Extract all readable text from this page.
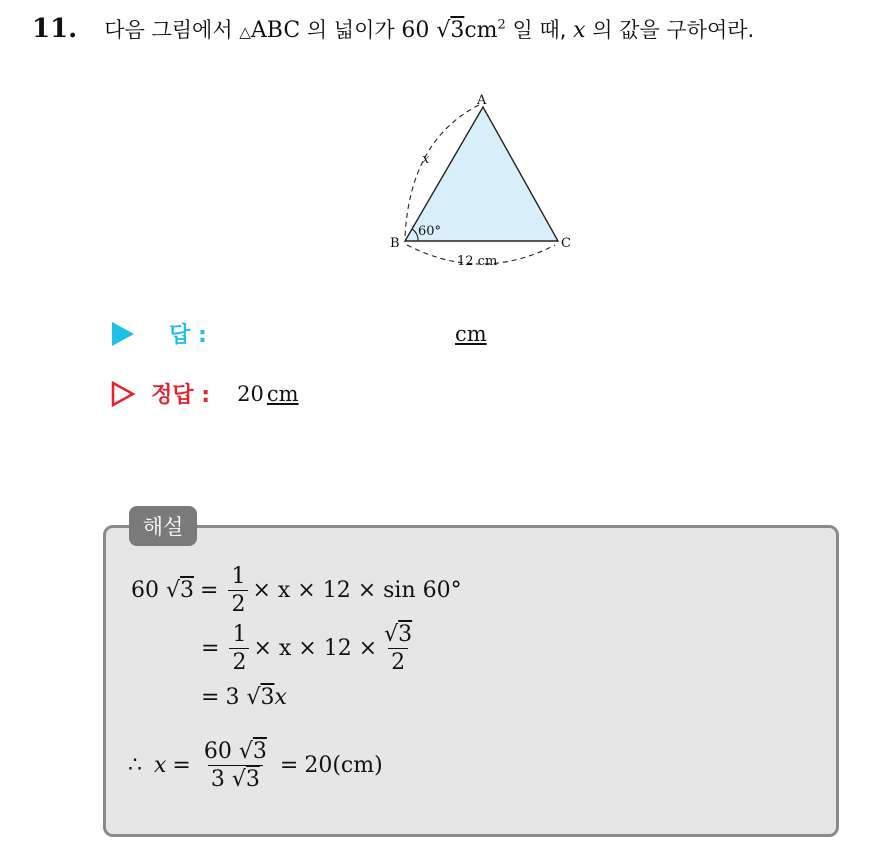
11. 다음 그림에서 △ABC 의 넓이가 60 $√3cm^2$ 일 때, x 의 값을 구하여라.
A
B	C
x
60°
12 cm
답 :	cm
정답 : 20 cm
해설
60 √ $3 = \frac{1}{2} \times x \times 12 \times \sin 60^\circ$
= $\frac{1}{2} \times x \times 12 \times \frac{√3}{2}$
= 3 √ 3 x
∴ $x = \frac{60 √3}{3 √3} = 20(cm)$
